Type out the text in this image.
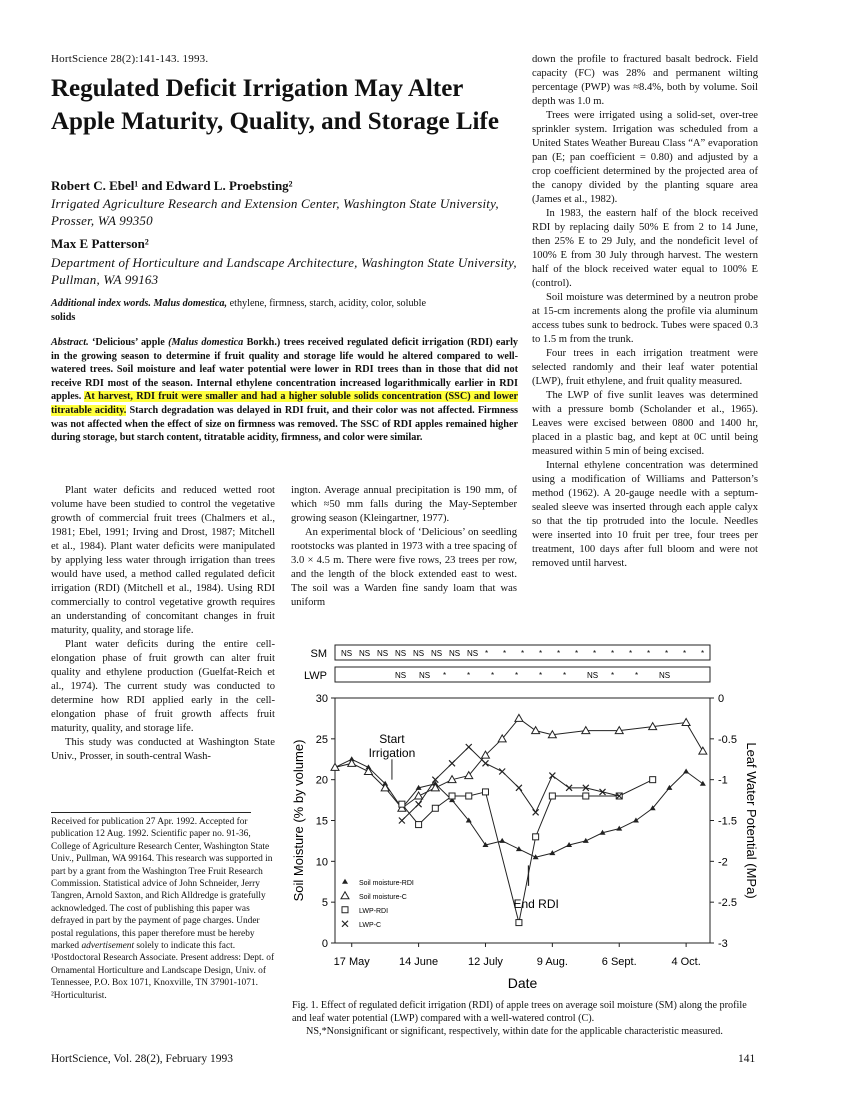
HortScience 28(2):141-143. 1993.
Regulated Deficit Irrigation May Alter Apple Maturity, Quality, and Storage Life
Robert C. Ebel¹ and Edward L. Proebsting²
Irrigated Agriculture Research and Extension Center, Washington State University, Prosser, WA 99350
Max E Patterson²
Department of Horticulture and Landscape Architecture, Washington State University, Pullman, WA 99163
Additional index words. Malus domestica, ethylene, firmness, starch, acidity, color, soluble
solids
Abstract. ‘Delicious’ apple (Malus domestica Borkh.) trees received regulated deficit irrigation (RDI) early in the growing season to determine if fruit quality and storage life would he altered compared to well-watered trees. Soil moisture and leaf water potential were lower in RDI trees than in those that did not receive RDI most of the season. Internal ethylene concentration increased logarithmically earlier in RDI apples. At harvest, RDI fruit were smaller and had a higher soluble solids concentration (SSC) and lower titratable acidity. Starch degradation was delayed in RDI fruit, and their color was not affected. Firmness was not affected when the effect of size on firmness was removed. The SSC of RDI apples remained higher during storage, but starch content, titratable acidity, firmness, and color were similar.

Plant water deficits and reduced wetted root volume have been studied to control the vegetative growth of commercial fruit trees (Chalmers et al., 1981; Ebel, 1991; Irving and Drost, 1987; Mitchell et al., 1984). Plant water deficits were manipulated by applying less water through irrigation than trees would have used, a method called regulated deficit irrigation (RDI) (Mitchell et al., 1984). Using RDI commercially to control vegetative growth requires an understanding of concomitant changes in fruit maturity, quality, and storage life.

Plant water deficits during the entire cell-elongation phase of fruit growth can alter fruit quality and ethylene production (Guelfat-Reich et al., 1974). The current study was conducted to determine how RDI applied early in the cell-elongation phase of fruit growth affects fruit maturity, quality, and storage life.

This study was conducted at Washington State Univ., Prosser, in south-central Wash-

ington. Average annual precipitation is 190 mm, of which ≈50 mm falls during the May-September growing season (Kleingartner, 1977).

An experimental block of ‘Delicious’ on seedling rootstocks was planted in 1973 with a tree spacing of 3.0 × 4.5 m. There were five rows, 23 trees per row, and the length of the block extended east to west. The soil was a Warden fine sandy loam that was uniform

down the profile to fractured basalt bedrock. Field capacity (FC) was 28% and permanent wilting percentage (PWP) was ≈8.4%, both by volume. Soil depth was 1.0 m.

Trees were irrigated using a solid-set, over-tree sprinkler system. Irrigation was scheduled from a United States Weather Bureau Class “A” evaporation pan (E; pan coefficient = 0.80) and adjusted by a crop coefficient determined by the projected area of the canopy divided by the planting square area (James et al., 1982).

In 1983, the eastern half of the block received RDI by replacing daily 50% E from 2 to 14 June, then 25% E to 29 July, and the nondeficit level of 100% E from 30 July through harvest. The western half of the block received water equal to 100% E (control).

Soil moisture was determined by a neutron probe at 15-cm increments along the profile via aluminum access tubes sunk to bedrock. Tubes were spaced 0.3 to 1.5 m from the trunk.

Four trees in each irrigation treatment were selected randomly and their leaf water potential (LWP), fruit ethylene, and fruit quality measured.

The LWP of five sunlit leaves was determined with a pressure bomb (Scholander et al., 1965). Leaves were excised between 0800 and 1400 hr, placed in a plastic bag, and kept at 0C until being measured within 5 min of being excised.

Internal ethylene concentration was determined using a modification of Williams and Patterson’s method (1962). A 20-gauge needle with a septum-sealed sleeve was inserted through each apple calyx so that the tip protruded into the locule. Needles were inserted into 10 fruit per tree, four trees per treatment, 100 days after full bloom and were not removed until harvest.

Received for publication 27 Apr. 1992. Accepted for publication 12 Aug. 1992. Scientific paper no. 91-36, College of Agriculture Research Center, Washington State Univ., Pullman, WA 99164. This research was supported in part by a grant from the Washington Tree Fruit Research Commission. Statistical advice of John Schneider, Jerry Tangren, Arnold Saxton, and Rich Alldredge is gratefully acknowledged. The cost of publishing this paper was defrayed in part by the payment of page charges. Under postal regulations, this paper therefore must be hereby marked advertisement solely to indicate this fact.

¹Postdoctoral Research Associate. Present address: Dept. of Ornamental Horticulture and Landscape Design, Univ. of Tennessee, P.O. Box 1071, Knoxville, TN 37901-1071.

²Horticulturist.

SM
LWP
NS NS NS NS NS NS NS NS * * * * * * * * * * * * *
NS NS *	*	*	*	*	*	NS *	*	NS
0
5
10
15
20
25
30	0
-0.5
-1
-1.5
-2
-2.5
-3
17 May	14 June	12 July	9 Aug.	6 Sept.	4 Oct.
Date
Soil Moisture (% by volume)	Leaf Water Potential (MPa)
Start
Irrigation
End RDI
Soil moisture-RDI
Soil moisture-C
LWP-RDI
LWP-C
Fig. 1. Effect of regulated deficit irrigation (RDI) of apple trees on average soil moisture (SM) along the profile and leaf water potential (LWP) compared with a well-watered control (C).
NS,*Nonsignificant or significant, respectively, within date for the applicable characteristic measured.
HortScience, Vol. 28(2), February 1993	141
